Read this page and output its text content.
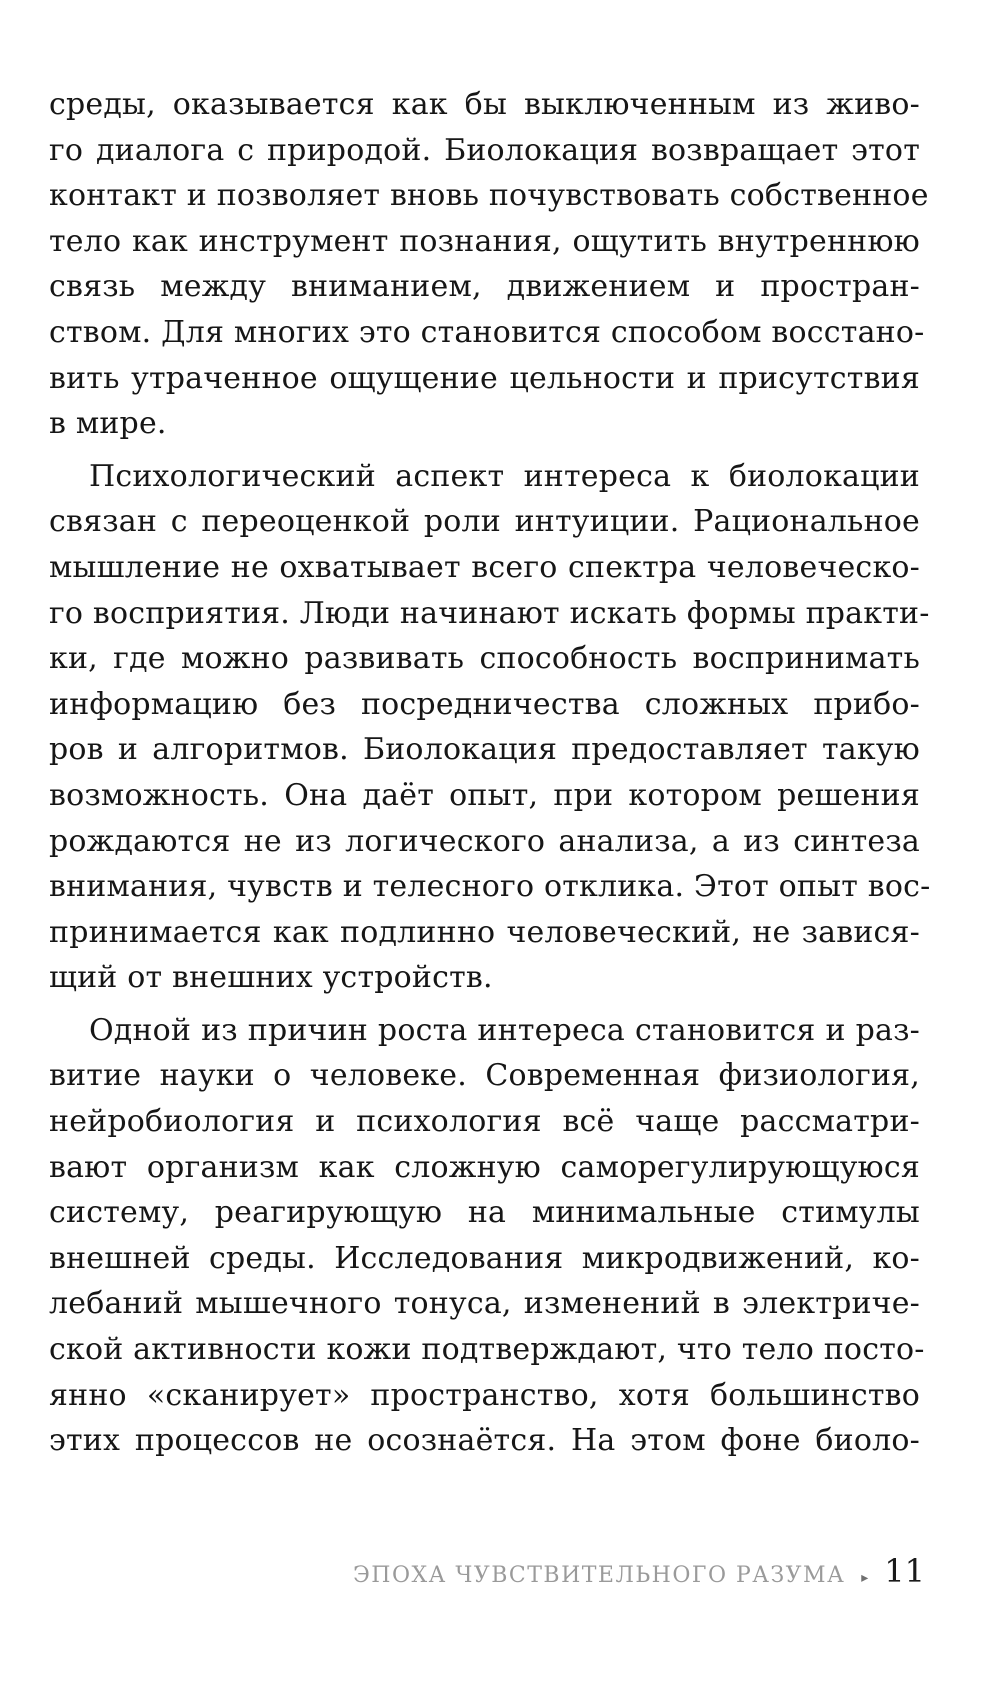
среды, оказывается как бы выключенным из живо-
го диалога с природой. Биолокация возвращает этот
контакт и позволяет вновь почувствовать собственное
тело как инструмент познания, ощутить внутреннюю
связь между вниманием, движением и простран-
ством. Для многих это становится способом восстано-
вить утраченное ощущение цельности и присутствия
в мире.

Психологический аспект интереса к биолокации
связан с переоценкой роли интуиции. Рациональное
мышление не охватывает всего спектра человеческо-
го восприятия. Люди начинают искать формы практи-
ки, где можно развивать способность воспринимать
информацию без посредничества сложных прибо-
ров и алгоритмов. Биолокация предоставляет такую
возможность. Она даёт опыт, при котором решения
рождаются не из логического анализа, а из синтеза
внимания, чувств и телесного отклика. Этот опыт вос-
принимается как подлинно человеческий, не завися-
щий от внешних устройств.

Одной из причин роста интереса становится и раз-
витие науки о человеке. Современная физиология,
нейробиология и психология всё чаще рассматри-
вают организм как сложную саморегулирующуюся
систему, реагирующую на минимальные стимулы
внешней среды. Исследования микродвижений, ко-
лебаний мышечного тонуса, изменений в электриче-
ской активности кожи подтверждают, что тело посто-
янно «сканирует» пространство, хотя большинство
этих процессов не осознаётся. На этом фоне биоло-

ЭПОХА ЧУВСТВИТЕЛЬНОГО РАЗУМА ▸ 11
